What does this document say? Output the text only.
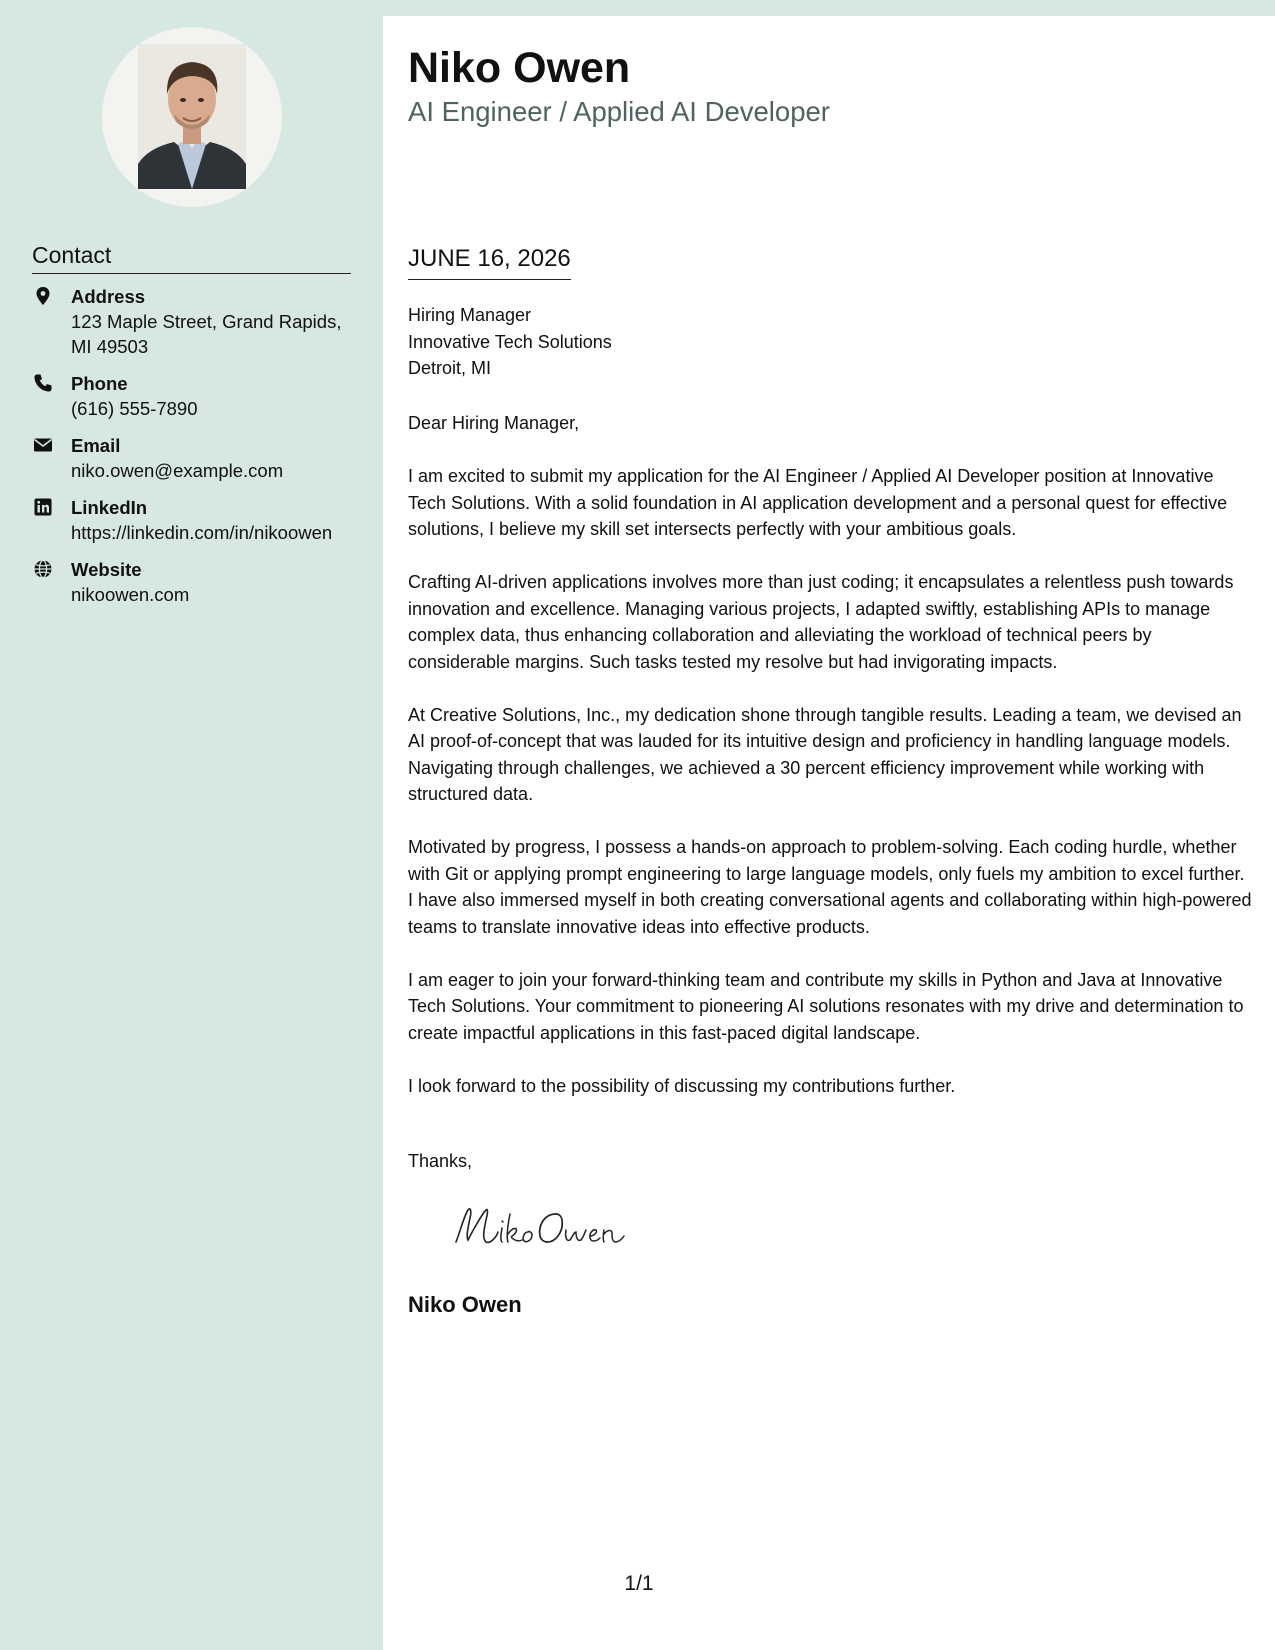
Contact
Address
123 Maple Street, Grand Rapids,
MI 49503
Phone
(616) 555-7890
Email
niko.owen@example.com
LinkedIn
https://linkedin.com/in/nikoowen
Website
nikoowen.com
Niko Owen
AI Engineer / Applied AI Developer
JUNE 16, 2026
Hiring Manager
Innovative Tech Solutions
Detroit, MI
Dear Hiring Manager,

I am excited to submit my application for the AI Engineer / Applied AI Developer position at Innovative Tech Solutions. With a solid foundation in AI application development and a personal quest for effective solutions, I believe my skill set intersects perfectly with your ambitious goals.

Crafting AI-driven applications involves more than just coding; it encapsulates a relentless push towards innovation and excellence. Managing various projects, I adapted swiftly, establishing APIs to manage complex data, thus enhancing collaboration and alleviating the workload of technical peers by considerable margins. Such tasks tested my resolve but had invigorating impacts.

At Creative Solutions, Inc., my dedication shone through tangible results. Leading a team, we devised an AI proof-of-concept that was lauded for its intuitive design and proficiency in handling language models. Navigating through challenges, we achieved a 30 percent efficiency improvement while working with structured data.

Motivated by progress, I possess a hands-on approach to problem-solving. Each coding hurdle, whether with Git or applying prompt engineering to large language models, only fuels my ambition to excel further. I have also immersed myself in both creating conversational agents and collaborating within high-powered teams to translate innovative ideas into effective products.

I am eager to join your forward-thinking team and contribute my skills in Python and Java at Innovative Tech Solutions. Your commitment to pioneering AI solutions resonates with my drive and determination to create impactful applications in this fast-paced digital landscape.

I look forward to the possibility of discussing my contributions further.

Thanks,
Niko Owen
1/1
